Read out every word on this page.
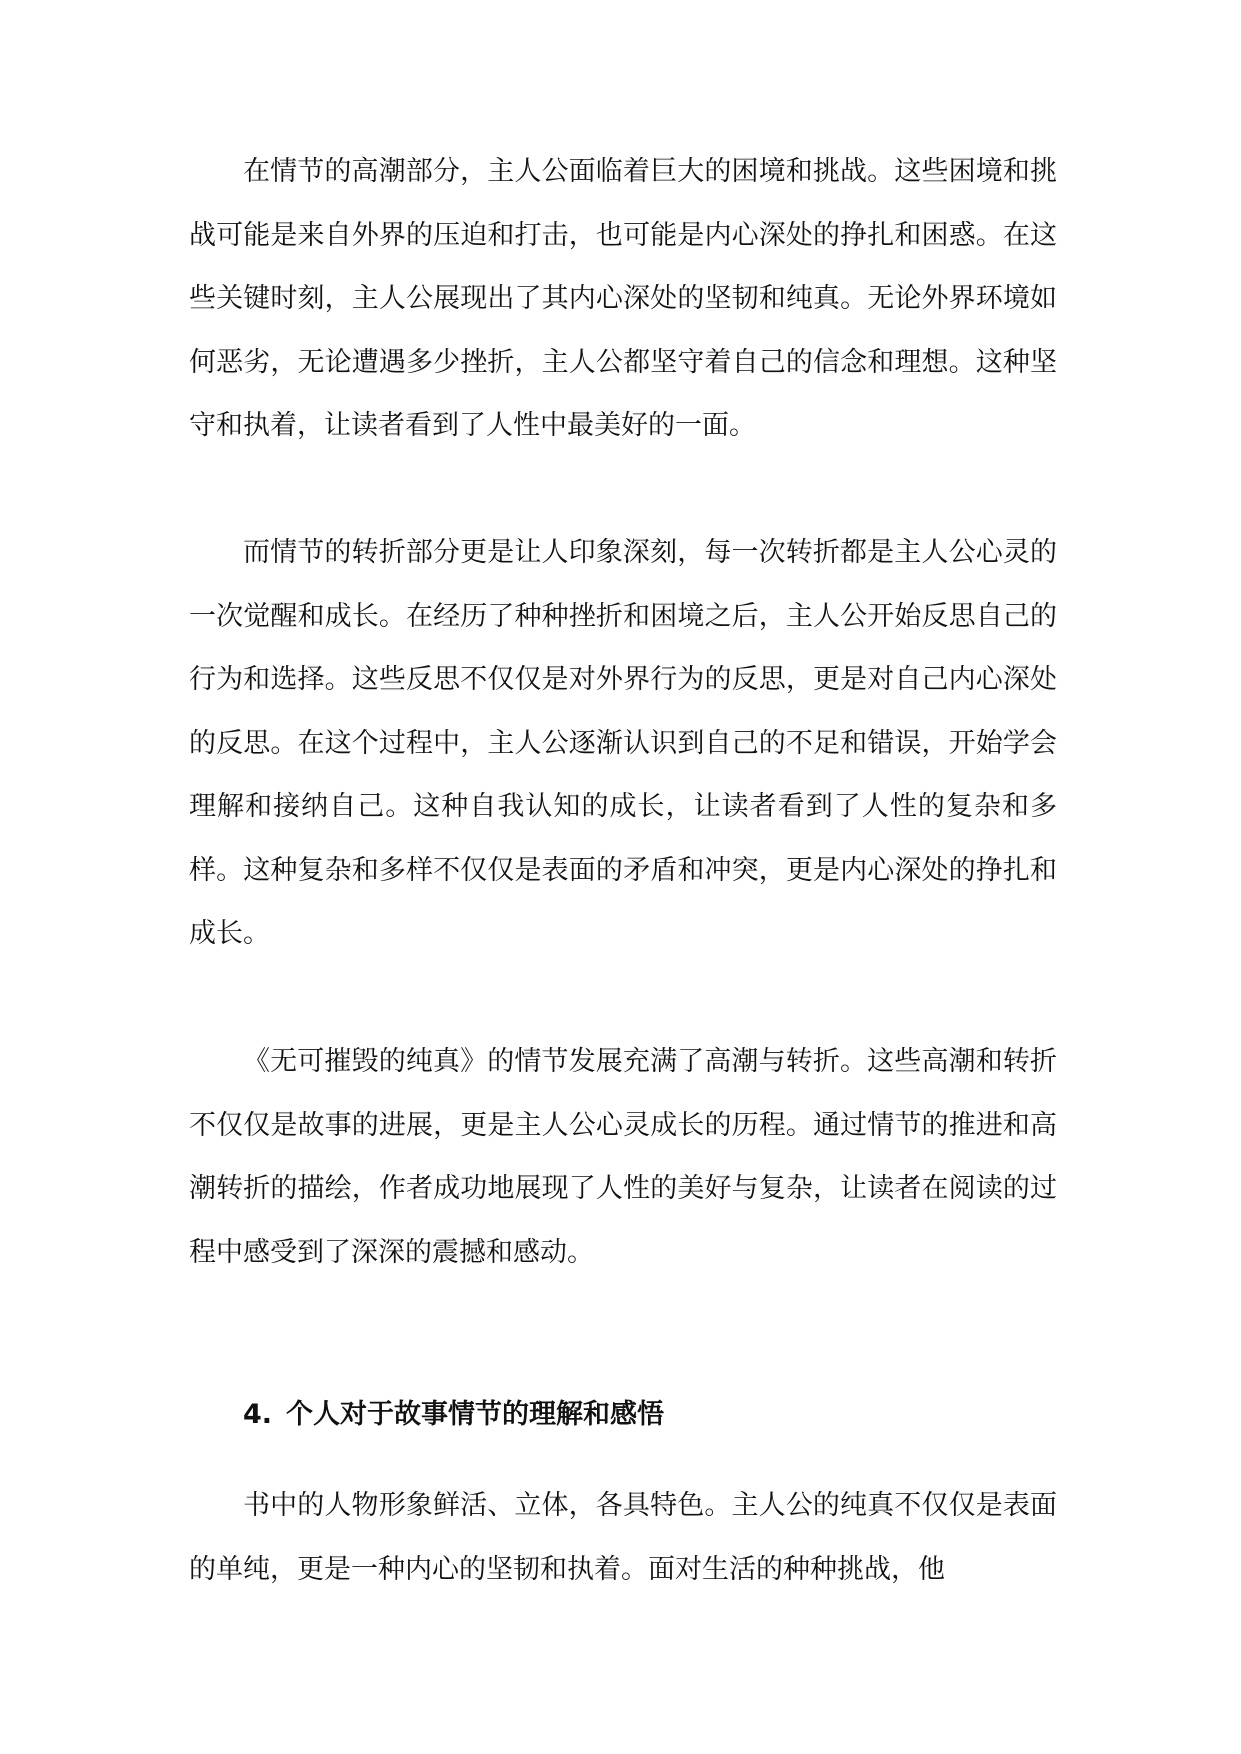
在情节的高潮部分，主人公面临着巨大的困境和挑战。这些困境和挑战可能是来自外界的压迫和打击，也可能是内心深处的挣扎和困惑。在这些关键时刻，主人公展现出了其内心深处的坚韧和纯真。无论外界环境如何恶劣，无论遭遇多少挫折，主人公都坚守着自己的信念和理想。这种坚守和执着，让读者看到了人性中最美好的一面。

而情节的转折部分更是让人印象深刻，每一次转折都是主人公心灵的一次觉醒和成长。在经历了种种挫折和困境之后，主人公开始反思自己的行为和选择。这些反思不仅仅是对外界行为的反思，更是对自己内心深处的反思。在这个过程中，主人公逐渐认识到自己的不足和错误，开始学会理解和接纳自己。这种自我认知的成长，让读者看到了人性的复杂和多样。这种复杂和多样不仅仅是表面的矛盾和冲突，更是内心深处的挣扎和成长。

《无可摧毁的纯真》的情节发展充满了高潮与转折。这些高潮和转折不仅仅是故事的进展，更是主人公心灵成长的历程。通过情节的推进和高潮转折的描绘，作者成功地展现了人性的美好与复杂，让读者在阅读的过程中感受到了深深的震撼和感动。

4. 个人对于故事情节的理解和感悟

书中的人物形象鲜活、立体，各具特色。主人公的纯真不仅仅是表面的单纯，更是一种内心的坚韧和执着。面对生活的种种挑战，他
